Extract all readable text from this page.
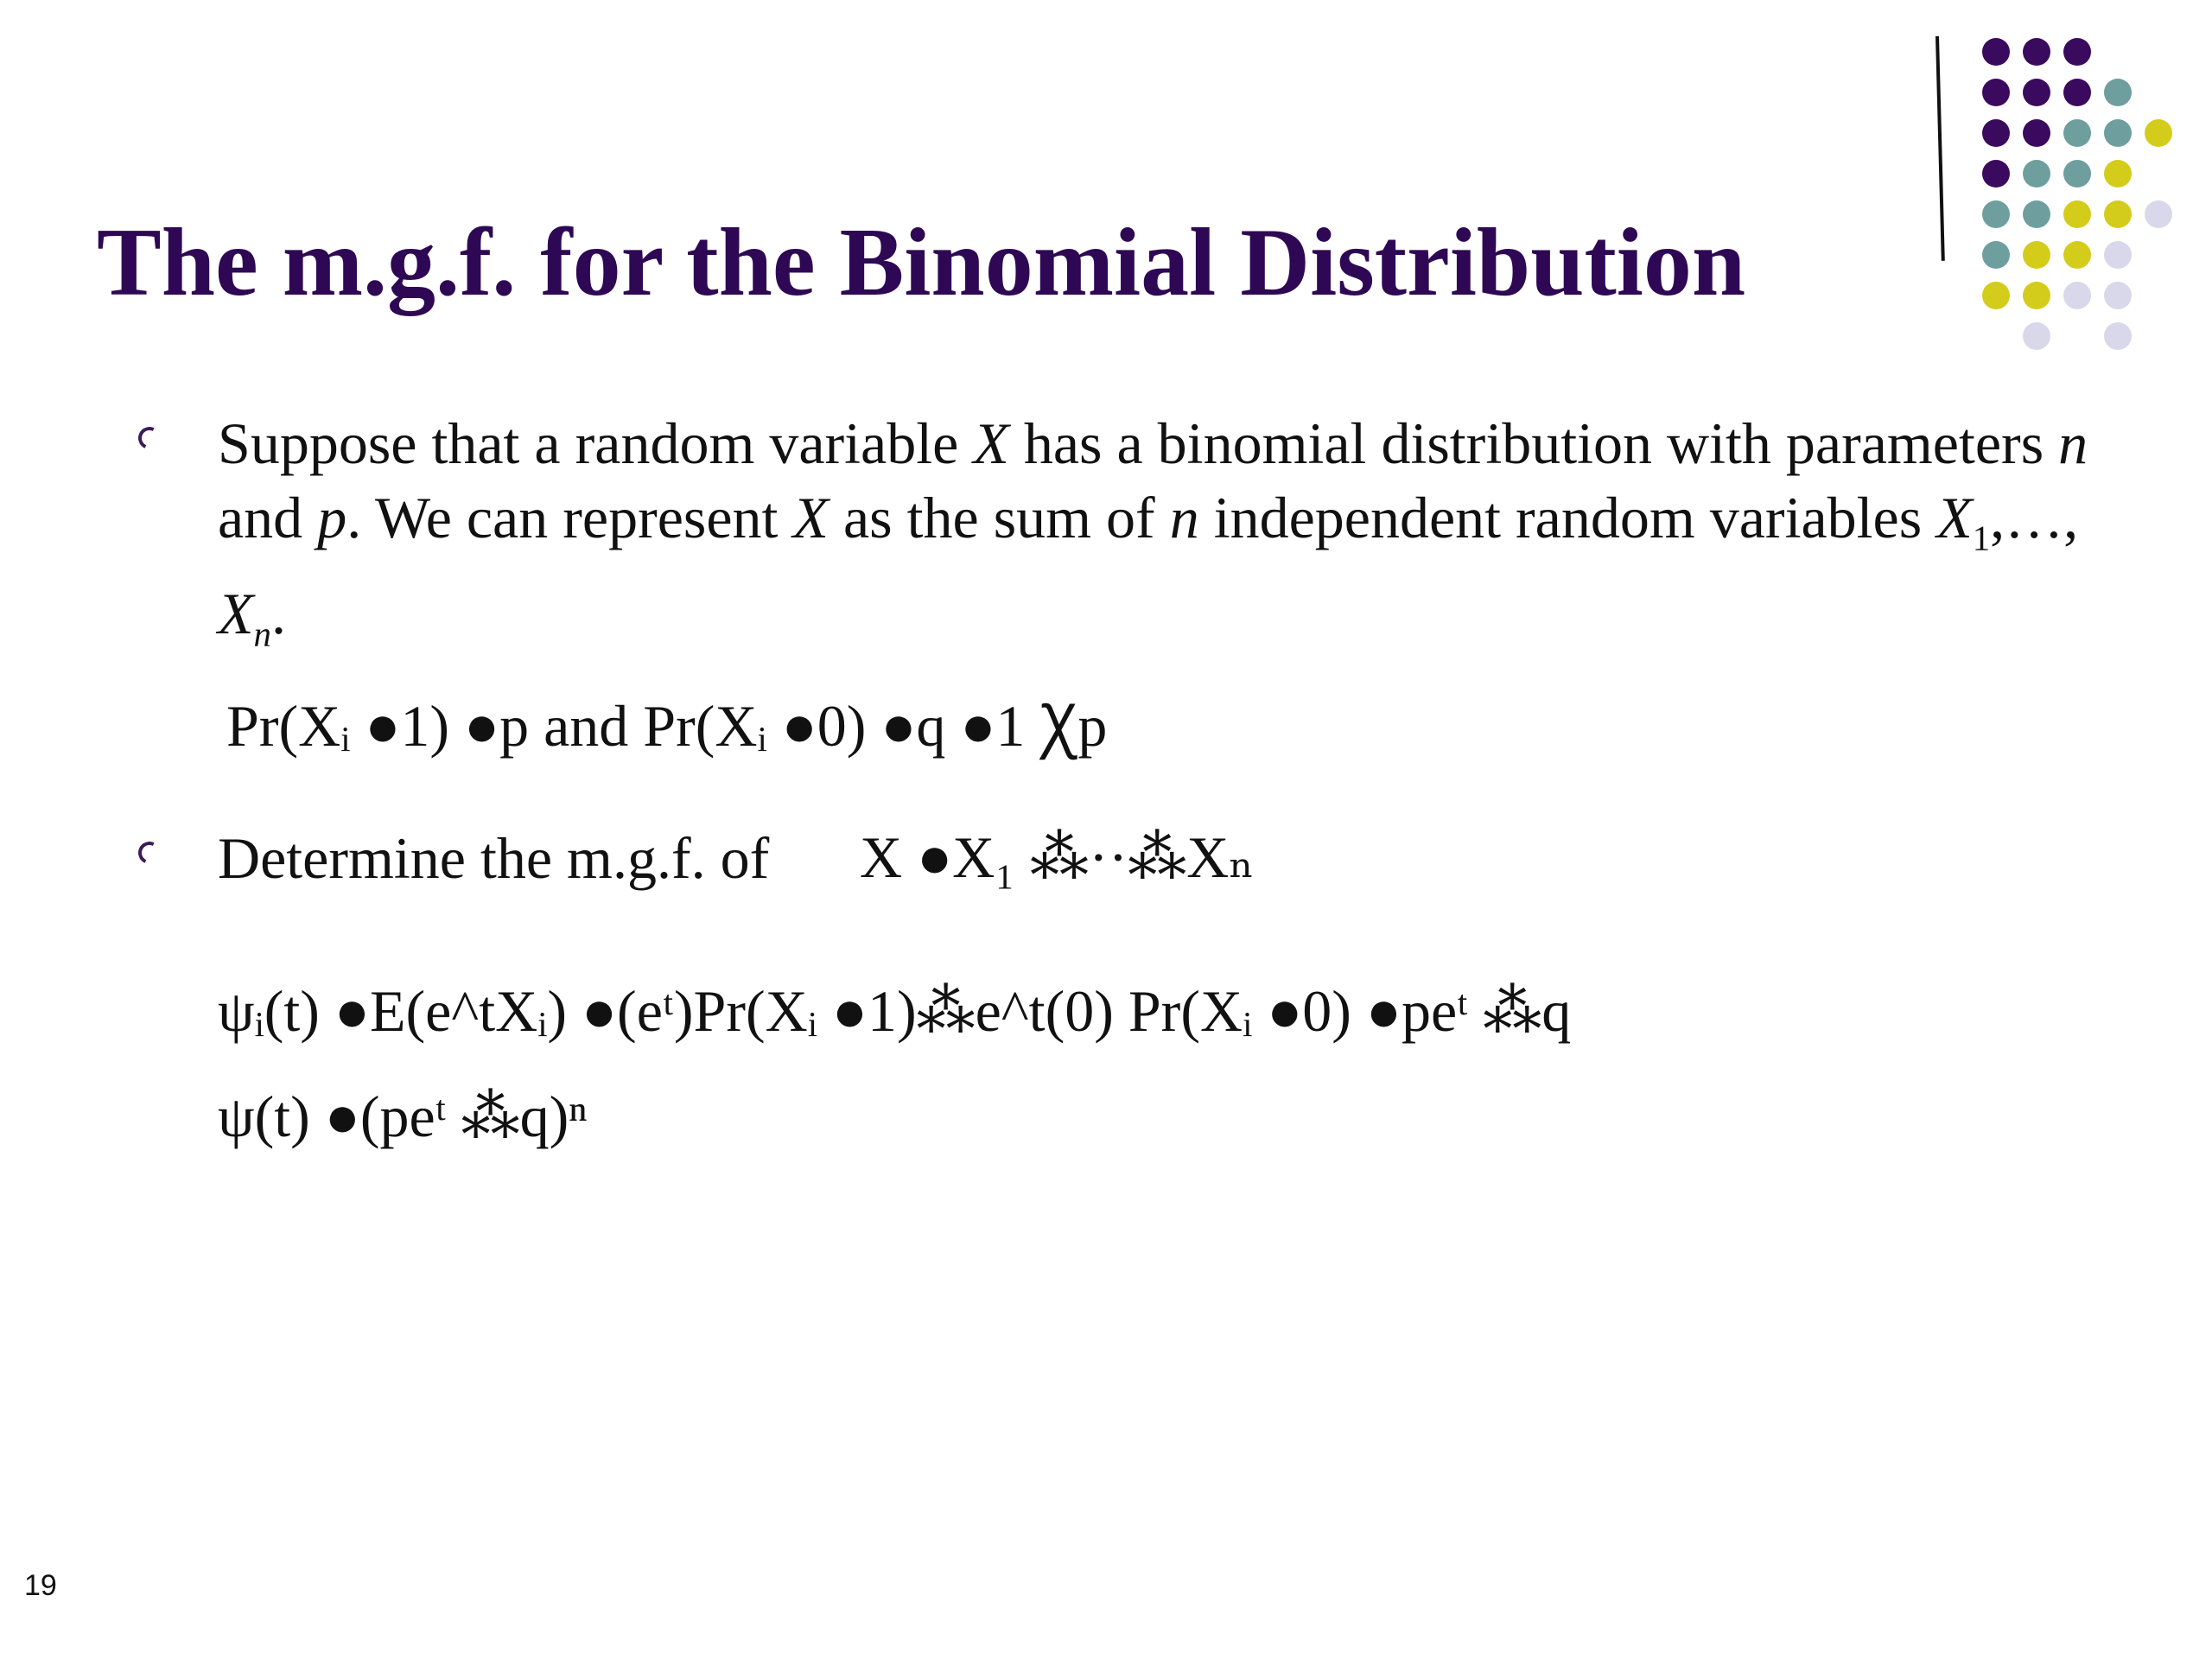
The m.g.f. for the Binomial Distribution

Suppose that a random variable X has a binomial distribution with parameters n and p. We can represent X as the sum of n independent random variables $X_1,\dots$, $X_n$.

Pr(Xᵢ ●1) ●p and Pr(Xᵢ ●0) ●q ●1 Ꭓp

Determine the m.g.f. of	X ●X₁ ⁂··⁂Xₙ
ψᵢ(t) ●E(e^tXᵢ) ●(eᵗ)Pr(Xᵢ ●1)⁂e^t(0) Pr(Xᵢ ●0) ●peᵗ ⁂q
ψ(t) ●(peᵗ ⁂q)ⁿ
19
